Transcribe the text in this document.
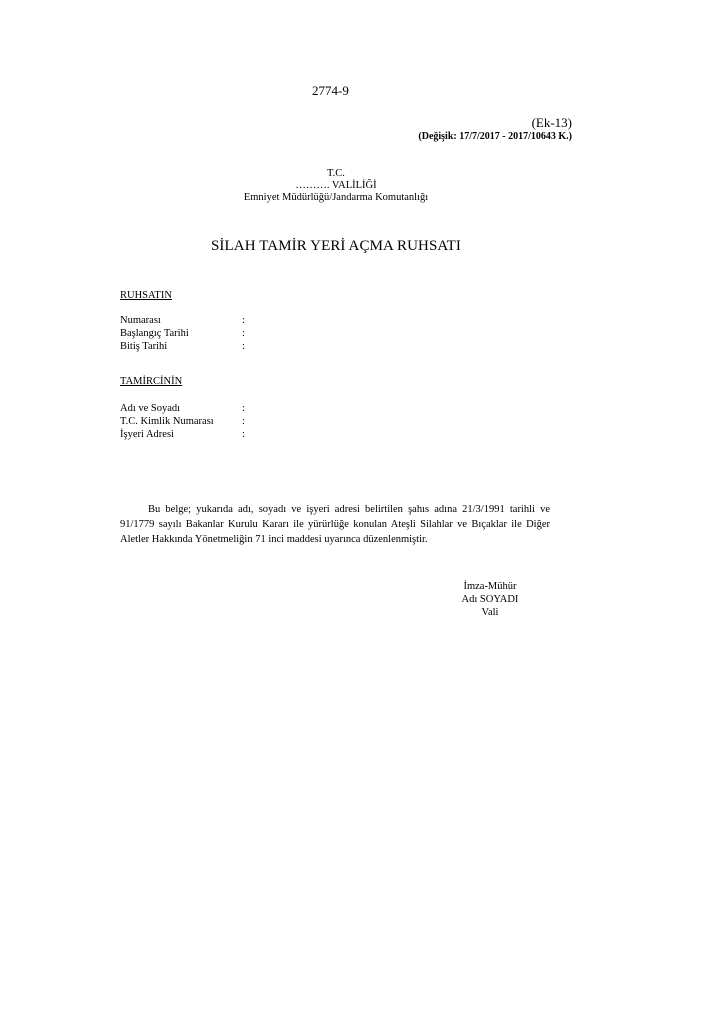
2774-9
(Ek-13)
(Değişik: 17/7/2017 - 2017/10643 K.)
T.C.
………. VALİLİĞİ
Emniyet Müdürlüğü/Jandarma Komutanlığı
SİLAH TAMİR YERİ AÇMA RUHSATI
RUHSATIN
Numarası	:
Başlangıç Tarihi	:
Bitiş Tarihi	:
TAMİRCİNİN
Adı ve Soyadı	:
T.C. Kimlik Numarası	:
İşyeri Adresi	:
Bu belge; yukarıda adı, soyadı ve işyeri adresi belirtilen şahıs adına 21/3/1991 tarihli ve 91/1779 sayılı Bakanlar Kurulu Kararı ile yürürlüğe konulan Ateşli Silahlar ve Bıçaklar ile Diğer Aletler Hakkında Yönetmeliğin 71 inci maddesi uyarınca düzenlenmiştir.
İmza-Mühür
Adı SOYADI
Vali
